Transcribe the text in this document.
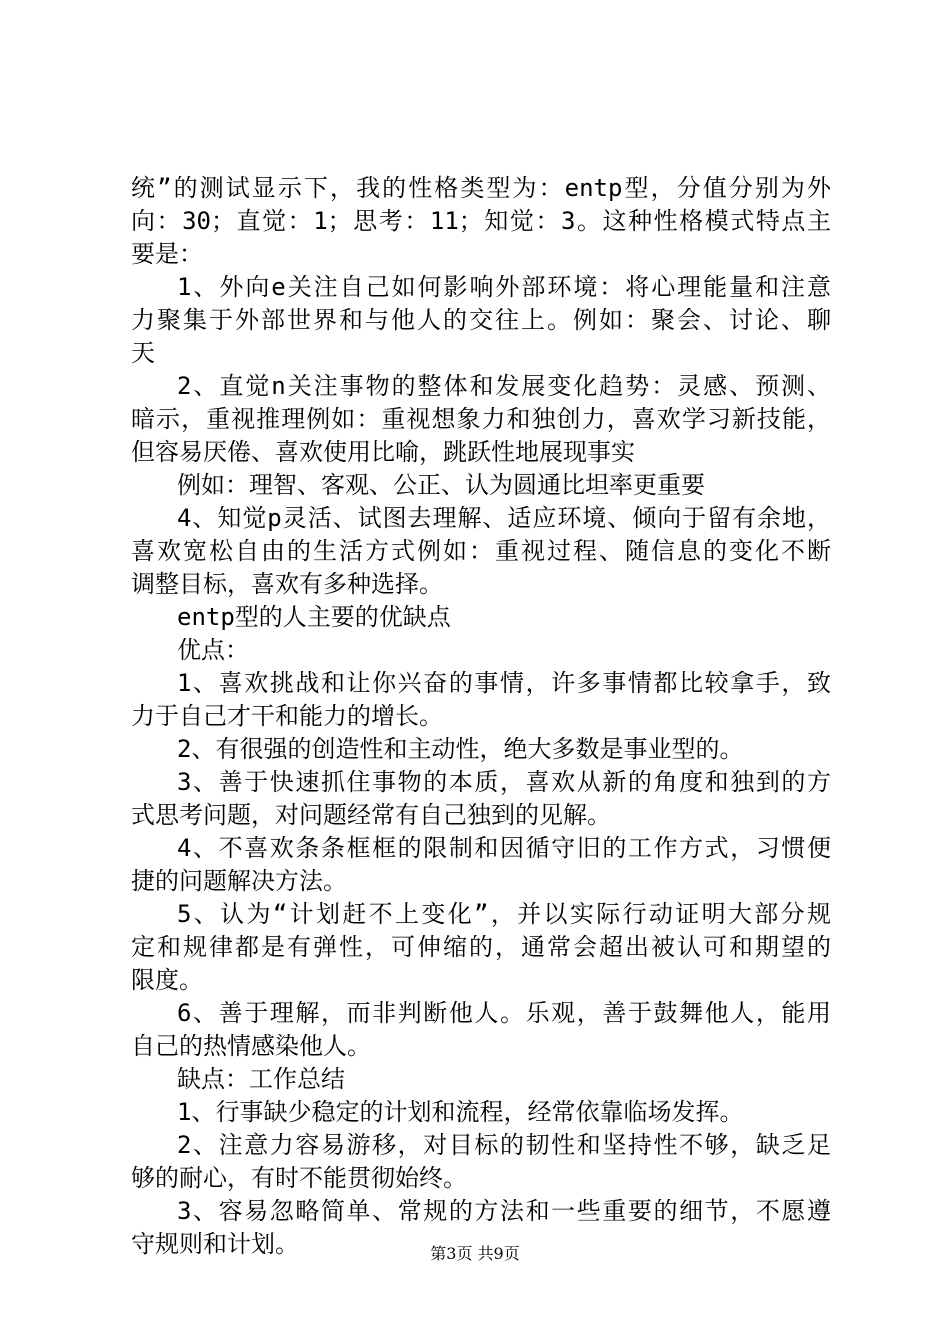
统”的测试显示下，我的性格类型为：entp型，分值分别为外
向：30；直觉：1；思考：11；知觉：3。这种性格模式特点主
要是：
1、外向e关注自己如何影响外部环境：将心理能量和注意
力聚集于外部世界和与他人的交往上。例如：聚会、讨论、聊
天
2、直觉n关注事物的整体和发展变化趋势：灵感、预测、
暗示，重视推理例如：重视想象力和独创力，喜欢学习新技能，
但容易厌倦、喜欢使用比喻，跳跃性地展现事实
例如：理智、客观、公正、认为圆通比坦率更重要
4、知觉p灵活、试图去理解、适应环境、倾向于留有余地，
喜欢宽松自由的生活方式例如：重视过程、随信息的变化不断
调整目标，喜欢有多种选择。
entp型的人主要的优缺点
优点：
1、喜欢挑战和让你兴奋的事情，许多事情都比较拿手，致
力于自己才干和能力的增长。
2、有很强的创造性和主动性，绝大多数是事业型的。
3、善于快速抓住事物的本质，喜欢从新的角度和独到的方
式思考问题，对问题经常有自己独到的见解。
4、不喜欢条条框框的限制和因循守旧的工作方式，习惯便
捷的问题解决方法。
5、认为“计划赶不上变化”，并以实际行动证明大部分规
定和规律都是有弹性，可伸缩的，通常会超出被认可和期望的
限度。
6、善于理解，而非判断他人。乐观，善于鼓舞他人，能用
自己的热情感染他人。
缺点：工作总结
1、行事缺少稳定的计划和流程，经常依靠临场发挥。
2、注意力容易游移，对目标的韧性和坚持性不够，缺乏足
够的耐心，有时不能贯彻始终。
3、容易忽略简单、常规的方法和一些重要的细节，不愿遵
守规则和计划。	第3页 共9页
